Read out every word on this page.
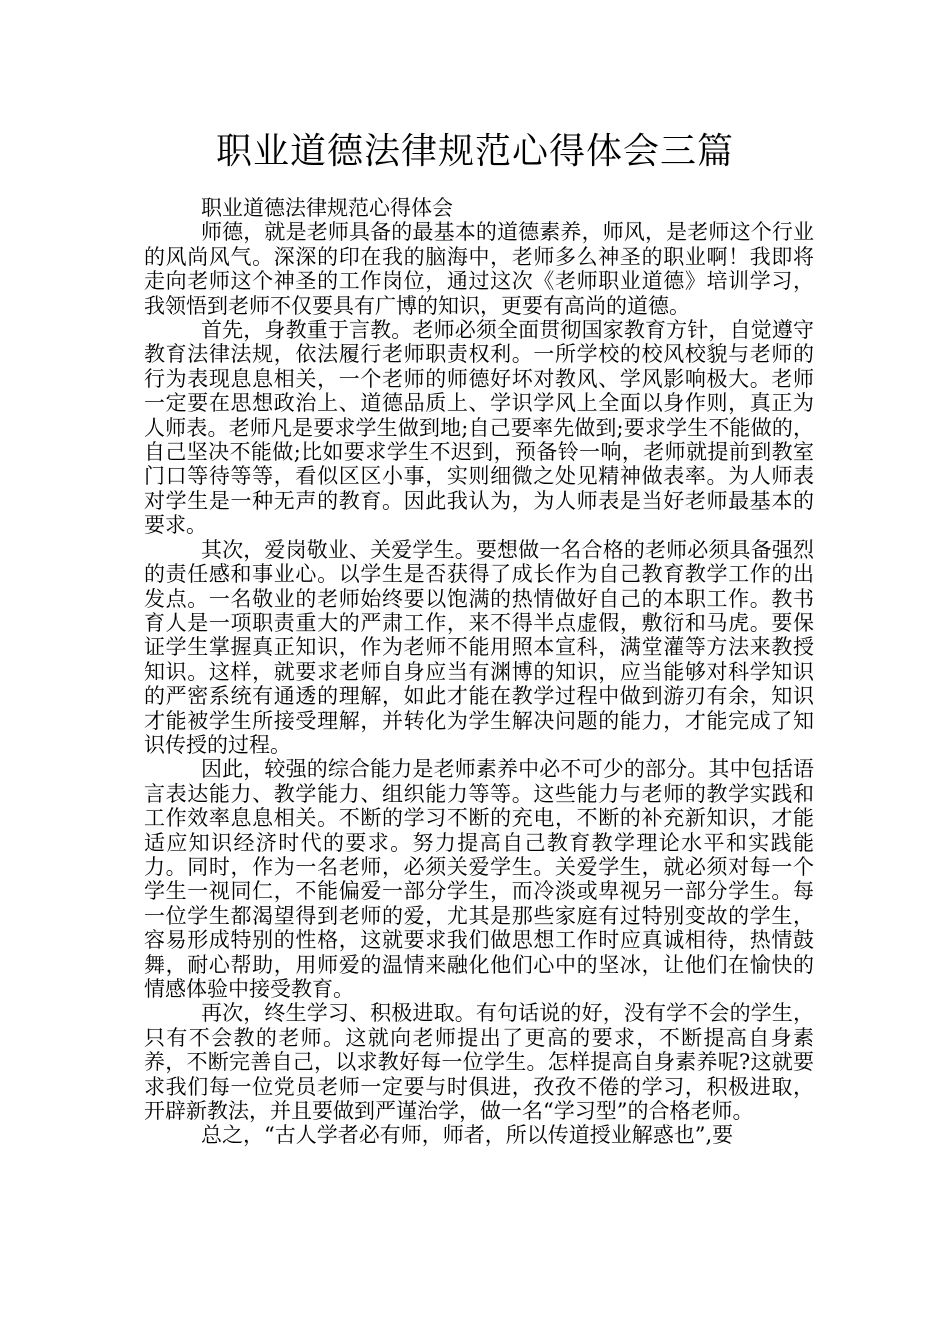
职业道德法律规范心得体会三篇

职业道德法律规范心得体会

师德，就是老师具备的最基本的道德素养，师风，是老师这个行业的风尚风气。深深的印在我的脑海中，老师多么神圣的职业啊！我即将走向老师这个神圣的工作岗位，通过这次《老师职业道德》培训学习，我领悟到老师不仅要具有广博的知识，更要有高尚的道德。

首先，身教重于言教。老师必须全面贯彻国家教育方针，自觉遵守教育法律法规，依法履行老师职责权利。一所学校的校风校貌与老师的行为表现息息相关，一个老师的师德好坏对教风、学风影响极大。老师一定要在思想政治上、道德品质上、学识学风上全面以身作则，真正为人师表。老师凡是要求学生做到地;自己要率先做到;要求学生不能做的，自己坚决不能做;比如要求学生不迟到，预备铃一响，老师就提前到教室门口等待等等，看似区区小事，实则细微之处见精神做表率。为人师表对学生是一种无声的教育。因此我认为，为人师表是当好老师最基本的要求。

其次，爱岗敬业、关爱学生。要想做一名合格的老师必须具备强烈的责任感和事业心。以学生是否获得了成长作为自己教育教学工作的出发点。一名敬业的老师始终要以饱满的热情做好自己的本职工作。教书育人是一项职责重大的严肃工作，来不得半点虚假，敷衍和马虎。要保证学生掌握真正知识，作为老师不能用照本宣科，满堂灌等方法来教授知识。这样，就要求老师自身应当有渊博的知识，应当能够对科学知识的严密系统有通透的理解，如此才能在教学过程中做到游刃有余，知识才能被学生所接受理解，并转化为学生解决问题的能力，才能完成了知识传授的过程。

因此，较强的综合能力是老师素养中必不可少的部分。其中包括语言表达能力、教学能力、组织能力等等。这些能力与老师的教学实践和工作效率息息相关。不断的学习不断的充电，不断的补充新知识，才能适应知识经济时代的要求。努力提高自己教育教学理论水平和实践能力。同时，作为一名老师，必须关爱学生。关爱学生，就必须对每一个学生一视同仁，不能偏爱一部分学生，而冷淡或卑视另一部分学生。每一位学生都渴望得到老师的爱，尤其是那些家庭有过特别变故的学生，容易形成特别的性格，这就要求我们做思想工作时应真诚相待，热情鼓舞，耐心帮助，用师爱的温情来融化他们心中的坚冰，让他们在愉快的情感体验中接受教育。

再次，终生学习、积极进取。有句话说的好，没有学不会的学生，只有不会教的老师。这就向老师提出了更高的要求，不断提高自身素养，不断完善自己，以求教好每一位学生。怎样提高自身素养呢?这就要求我们每一位党员老师一定要与时俱进，孜孜不倦的学习，积极进取，开辟新教法，并且要做到严谨治学，做一名“学习型”的合格老师。

总之，“古人学者必有师，师者，所以传道授业解惑也”,要
